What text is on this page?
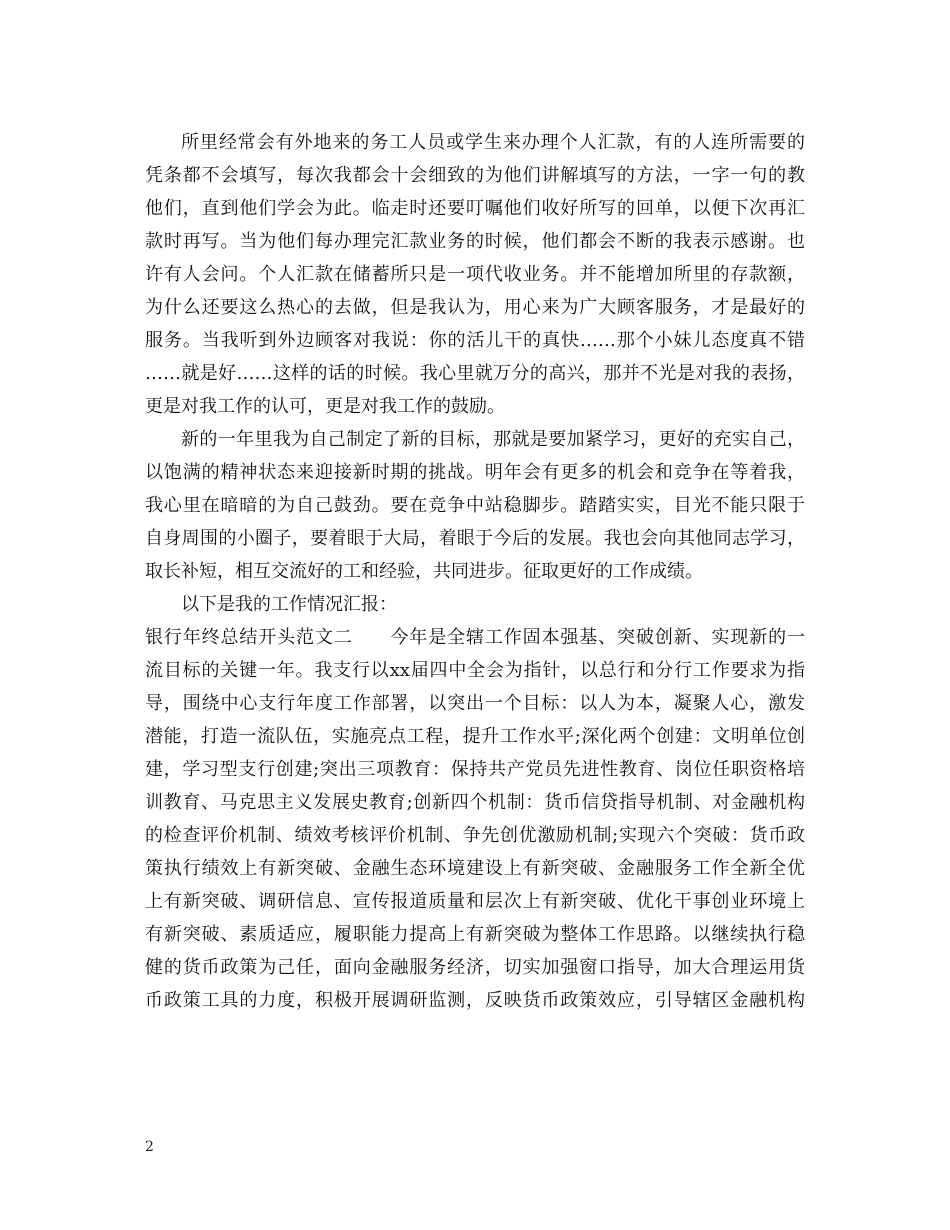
所里经常会有外地来的务工人员或学生来办理个人汇款，有的人连所需要的
凭条都不会填写，每次我都会十会细致的为他们讲解填写的方法，一字一句的教
他们，直到他们学会为此。临走时还要叮嘱他们收好所写的回单，以便下次再汇
款时再写。当为他们每办理完汇款业务的时候，他们都会不断的我表示感谢。也
许有人会问。个人汇款在储蓄所只是一项代收业务。并不能增加所里的存款额，
为什么还要这么热心的去做，但是我认为，用心来为广大顾客服务，才是最好的
服务。当我听到外边顾客对我说：你的活儿干的真快……那个小妹儿态度真不错
……就是好……这样的话的时候。我心里就万分的高兴，那并不光是对我的表扬，
更是对我工作的认可，更是对我工作的鼓励。
新的一年里我为自己制定了新的目标，那就是要加紧学习，更好的充实自己，
以饱满的精神状态来迎接新时期的挑战。明年会有更多的机会和竞争在等着我，
我心里在暗暗的为自己鼓劲。要在竞争中站稳脚步。踏踏实实，目光不能只限于
自身周围的小圈子，要着眼于大局，着眼于今后的发展。我也会向其他同志学习，
取长补短，相互交流好的工和经验，共同进步。征取更好的工作成绩。
以下是我的工作情况汇报：
银行年终总结开头范文二　　今年是全辖工作固本强基、突破创新、实现新的一
流目标的关键一年。我支行以xx届四中全会为指针，以总行和分行工作要求为指
导，围绕中心支行年度工作部署，以突出一个目标：以人为本，凝聚人心，激发
潜能，打造一流队伍，实施亮点工程，提升工作水平;深化两个创建：文明单位创
建，学习型支行创建;突出三项教育：保持共产党员先进性教育、岗位任职资格培
训教育、马克思主义发展史教育;创新四个机制：货币信贷指导机制、对金融机构
的检查评价机制、绩效考核评价机制、争先创优激励机制;实现六个突破：货币政
策执行绩效上有新突破、金融生态环境建设上有新突破、金融服务工作全新全优
上有新突破、调研信息、宣传报道质量和层次上有新突破、优化干事创业环境上
有新突破、素质适应，履职能力提高上有新突破为整体工作思路。以继续执行稳
健的货币政策为己任，面向金融服务经济，切实加强窗口指导，加大合理运用货
币政策工具的力度，积极开展调研监测，反映货币政策效应，引导辖区金融机构
2
